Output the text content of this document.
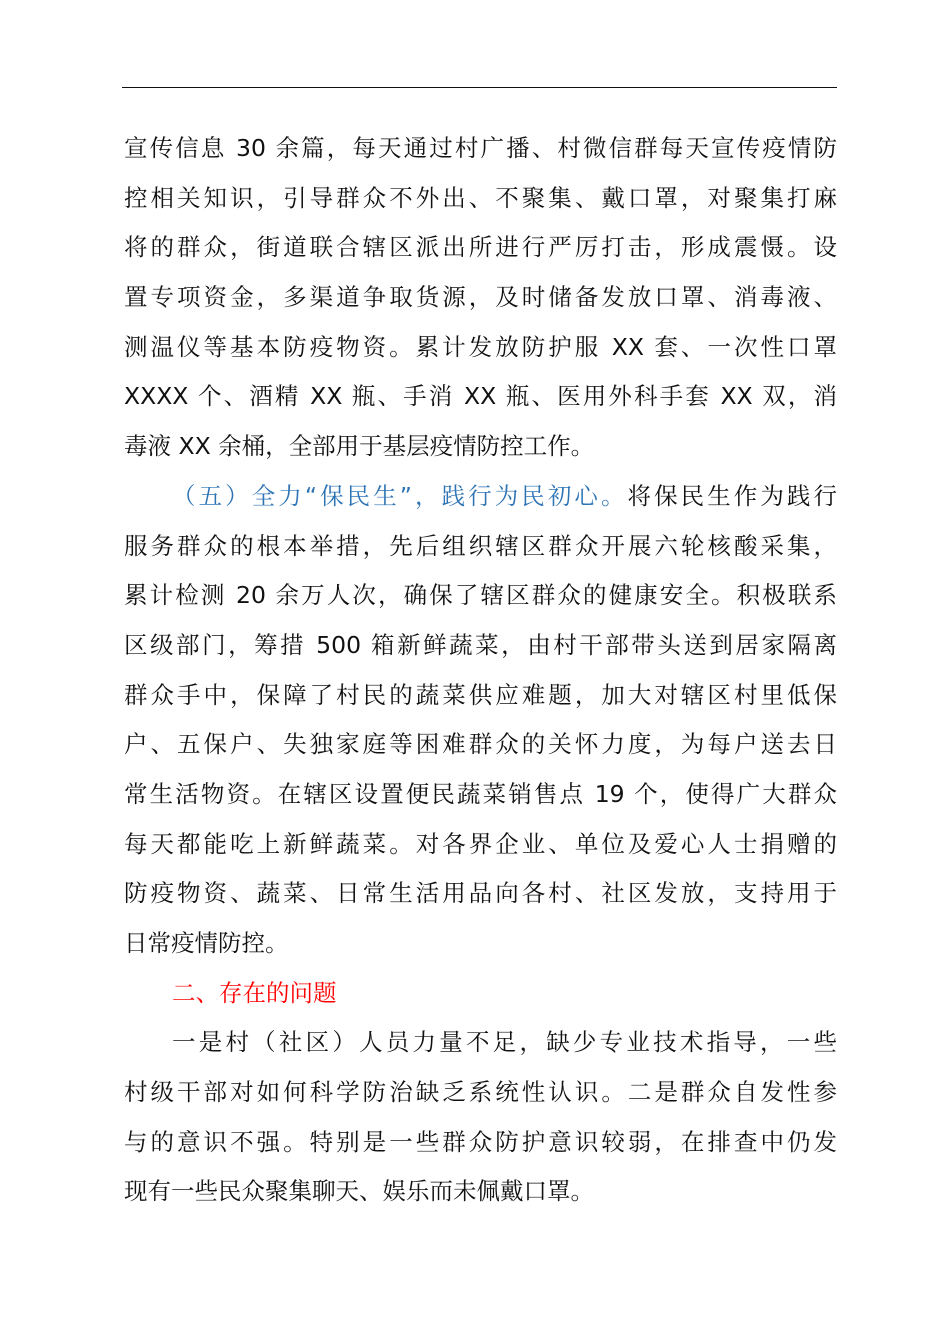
宣传信息 30 余篇，每天通过村广播、村微信群每天宣传疫情防
控相关知识，引导群众不外出、不聚集、戴口罩，对聚集打麻
将的群众，街道联合辖区派出所进行严厉打击，形成震慑。设
置专项资金，多渠道争取货源，及时储备发放口罩、消毒液、
测温仪等基本防疫物资。累计发放防护服 XX 套、一次性口罩
XXXX 个、酒精 XX 瓶、手消 XX 瓶、医用外科手套 XX 双，消
毒液 XX 余桶，全部用于基层疫情防控工作。
（五）全力“保民生”，践行为民初心。将保民生作为践行
服务群众的根本举措，先后组织辖区群众开展六轮核酸采集，
累计检测 20 余万人次，确保了辖区群众的健康安全。积极联系
区级部门，筹措 500 箱新鲜蔬菜，由村干部带头送到居家隔离
群众手中，保障了村民的蔬菜供应难题，加大对辖区村里低保
户、五保户、失独家庭等困难群众的关怀力度，为每户送去日
常生活物资。在辖区设置便民蔬菜销售点 19 个，使得广大群众
每天都能吃上新鲜蔬菜。对各界企业、单位及爱心人士捐赠的
防疫物资、蔬菜、日常生活用品向各村、社区发放，支持用于
日常疫情防控。
二、存在的问题
一是村（社区）人员力量不足，缺少专业技术指导，一些
村级干部对如何科学防治缺乏系统性认识。二是群众自发性参
与的意识不强。特别是一些群众防护意识较弱，在排查中仍发
现有一些民众聚集聊天、娱乐而未佩戴口罩。
